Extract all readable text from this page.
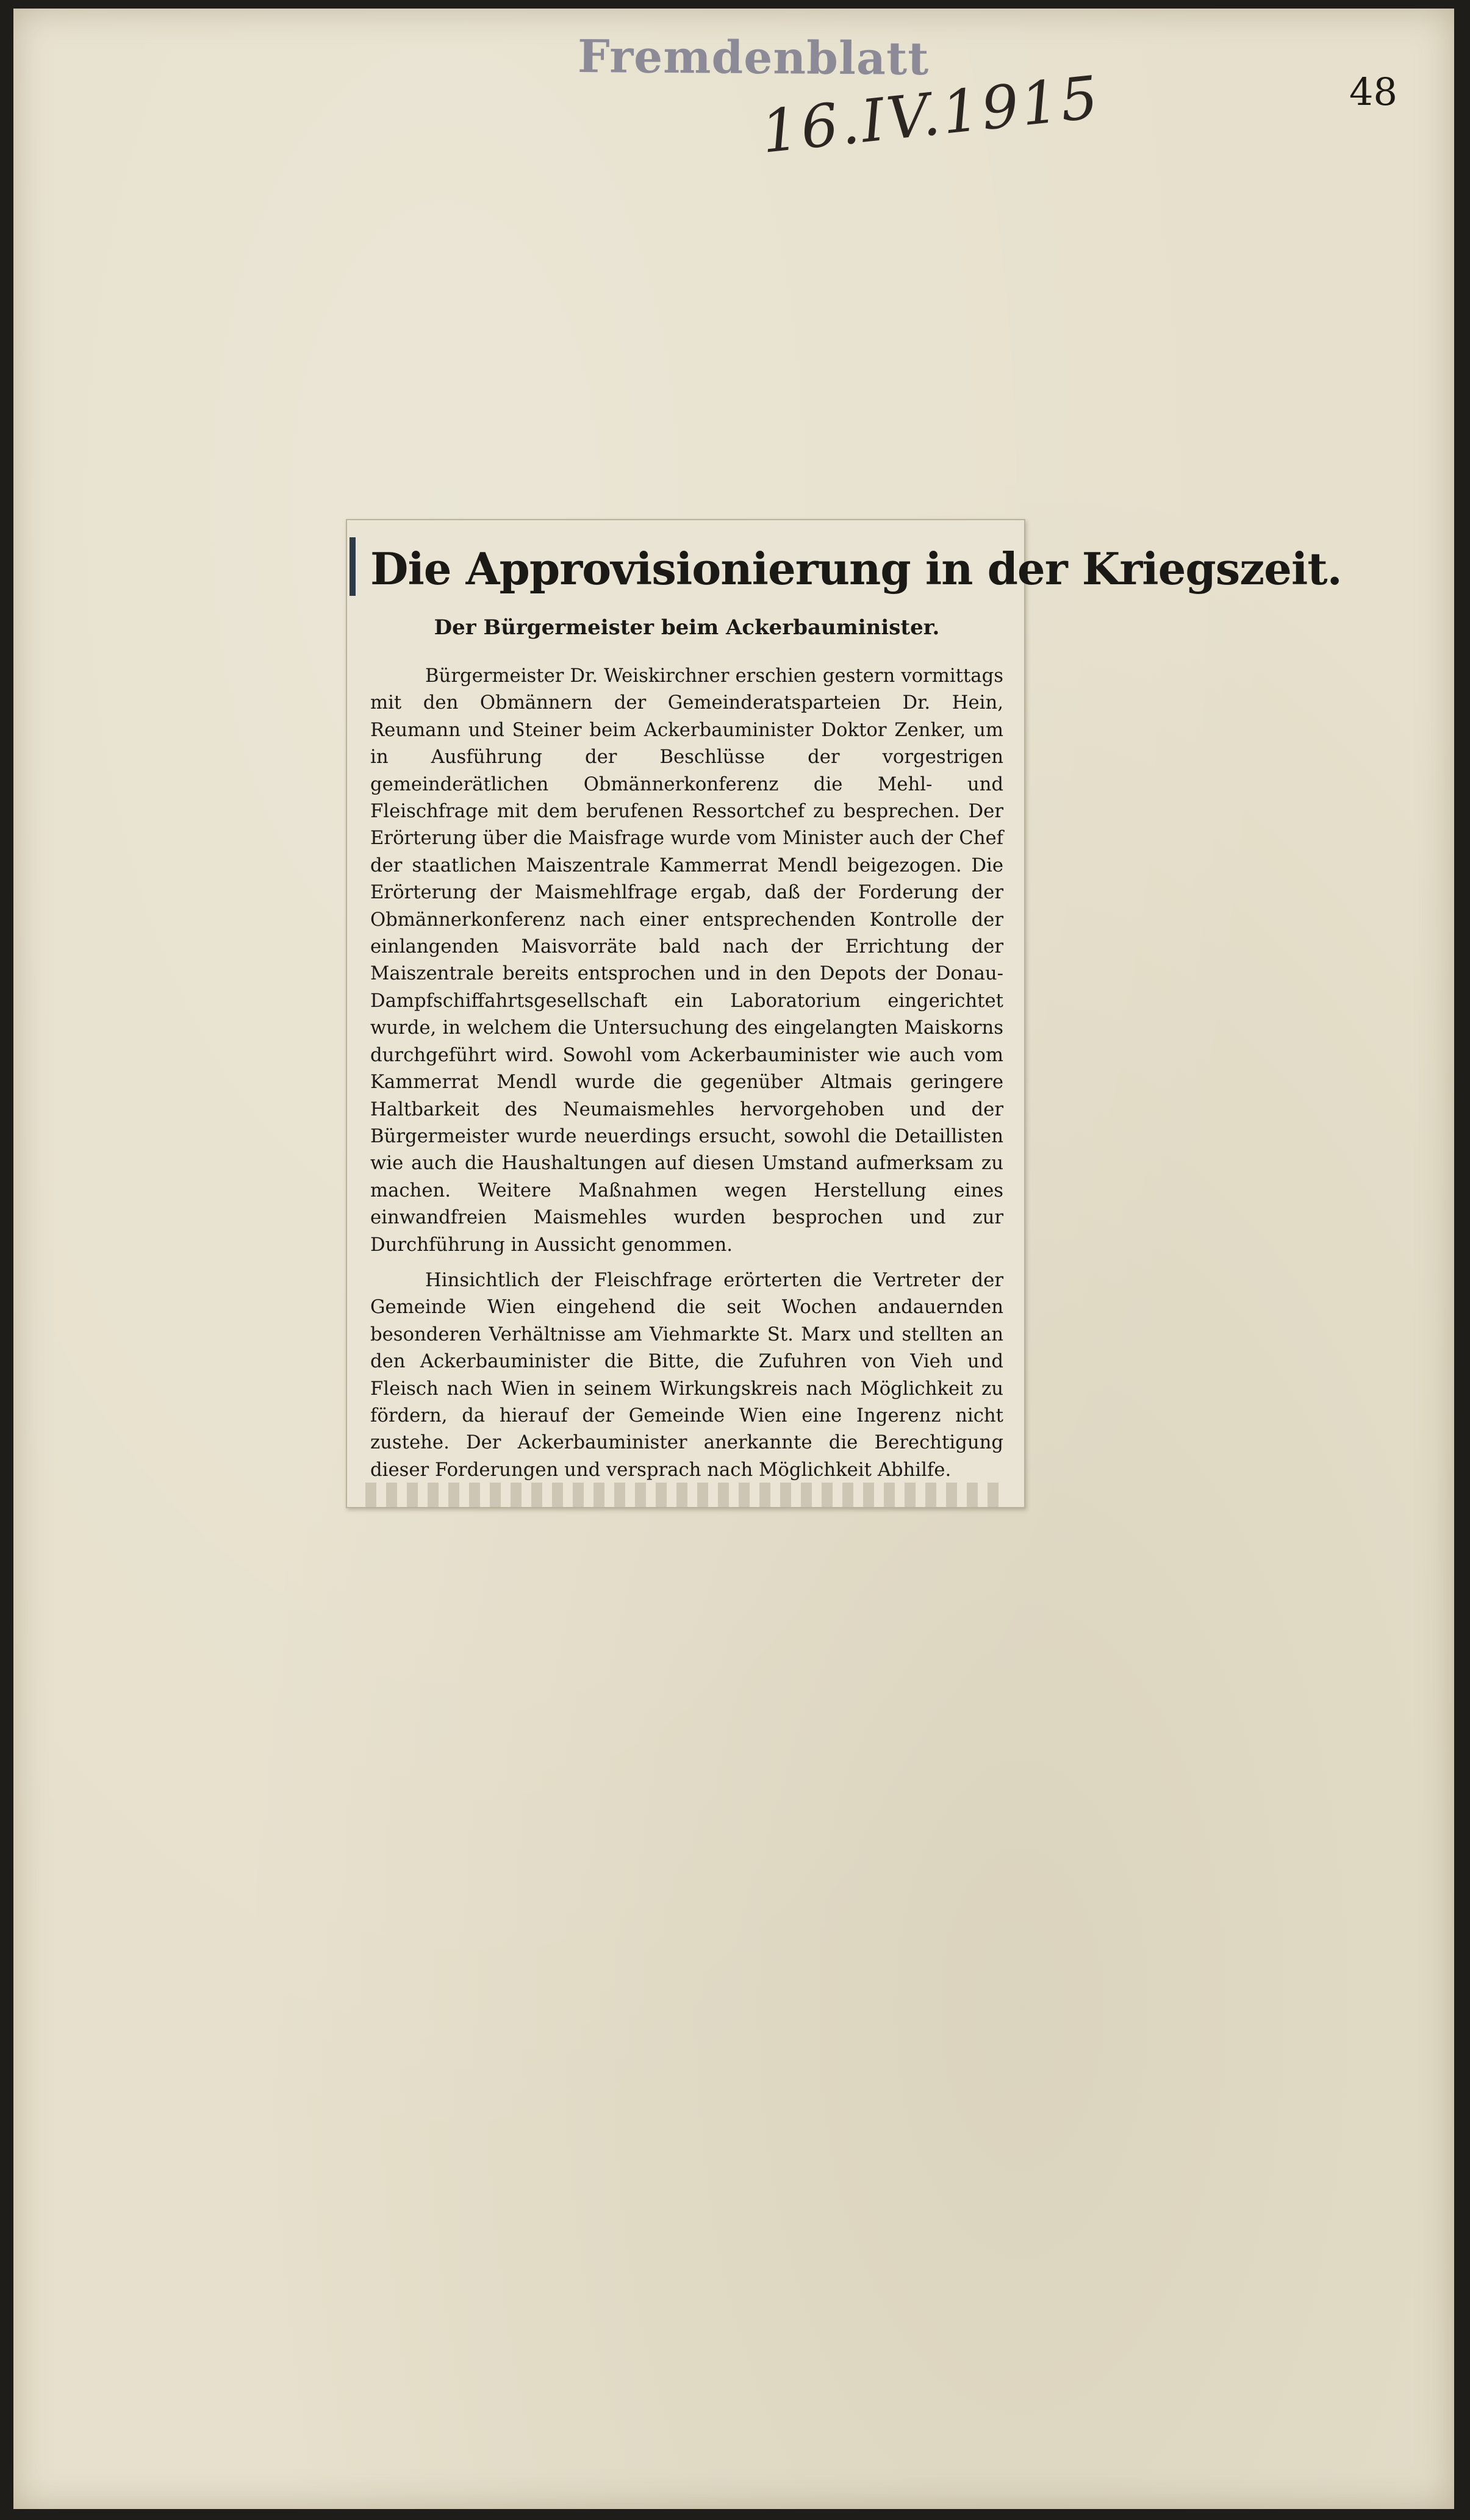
Fremdenblatt
16.IV.1915	48
Die Approvisionierung in der Kriegszeit.
Der Bürgermeister beim Ackerbauminister.

Bürgermeister Dr. Weiskirchner erschien gestern vormittags mit den Obmännern der Gemeinderatsparteien Dr. Hein, Reumann und Steiner beim Ackerbauminister Doktor Zenker, um in Ausführung der Beschlüsse der vorgestrigen gemeinderätlichen Obmännerkonferenz die Mehl- und Fleischfrage mit dem berufenen Ressortchef zu besprechen. Der Erörterung über die Maisfrage wurde vom Minister auch der Chef der staatlichen Maiszentrale Kammerrat Mendl beigezogen. Die Erörterung der Maismehlfrage ergab, daß der Forderung der Obmännerkonferenz nach einer entsprechenden Kontrolle der einlangenden Maisvorräte bald nach der Errichtung der Maiszentrale bereits entsprochen und in den Depots der Donau-Dampfschiffahrtsgesellschaft ein Laboratorium eingerichtet wurde, in welchem die Untersuchung des eingelangten Maiskorns durchgeführt wird. Sowohl vom Ackerbauminister wie auch vom Kammerrat Mendl wurde die gegenüber Altmais geringere Haltbarkeit des Neumaismehles hervorgehoben und der Bürgermeister wurde neuerdings ersucht, sowohl die Detaillisten wie auch die Haushaltungen auf diesen Umstand aufmerksam zu machen. Weitere Maßnahmen wegen Herstellung eines einwandfreien Maismehles wurden besprochen und zur Durchführung in Aussicht genommen.

Hinsichtlich der Fleischfrage erörterten die Vertreter der Gemeinde Wien eingehend die seit Wochen andauernden besonderen Verhältnisse am Viehmarkte St. Marx und stellten an den Ackerbauminister die Bitte, die Zufuhren von Vieh und Fleisch nach Wien in seinem Wirkungskreis nach Möglichkeit zu fördern, da hierauf der Gemeinde Wien eine Ingerenz nicht zustehe. Der Ackerbauminister anerkannte die Berechtigung dieser Forderungen und versprach nach Möglichkeit Abhilfe.
